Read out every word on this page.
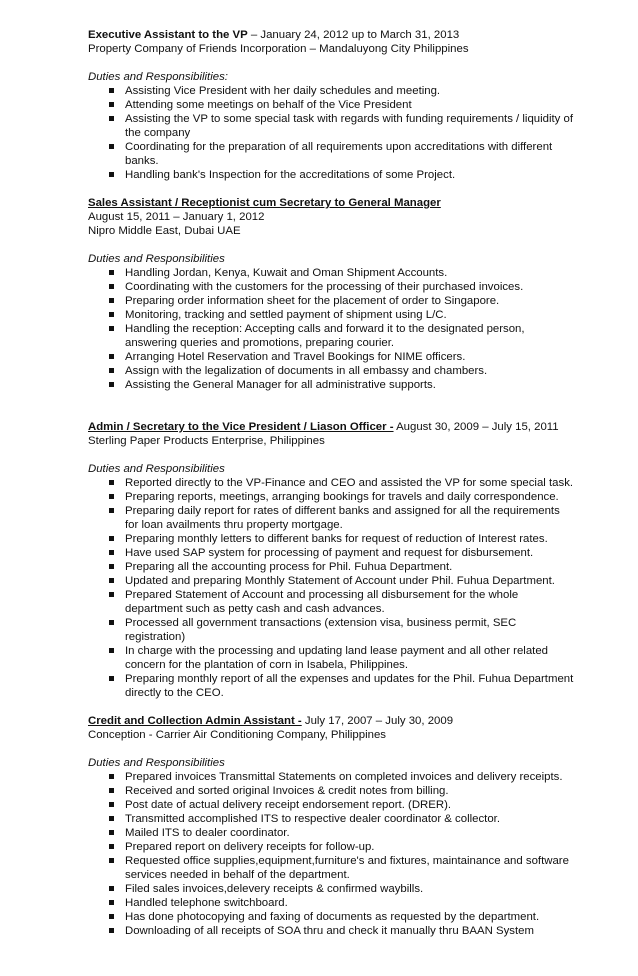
Executive Assistant to the VP – January 24, 2012 up to March 31, 2013
Property Company of Friends Incorporation – Mandaluyong City Philippines
Duties and Responsibilities:
Assisting Vice President with her daily schedules and meeting.
Attending some meetings on behalf of the Vice President
Assisting the VP to some special task with regards with funding requirements / liquidity of the company
Coordinating for the preparation of all requirements upon accreditations with different banks.
Handling bank's Inspection for the accreditations of some Project.
Sales Assistant / Receptionist cum Secretary to General Manager
August 15, 2011 – January 1, 2012
Nipro Middle East, Dubai UAE
Duties and Responsibilities
Handling Jordan, Kenya, Kuwait and Oman Shipment Accounts.
Coordinating with the customers for the processing of their purchased invoices.
Preparing order information sheet for the placement of order to Singapore.
Monitoring, tracking and settled payment of shipment using L/C.
Handling the reception: Accepting calls and forward it to the designated person, answering queries and promotions, preparing courier.
Arranging Hotel Reservation and Travel Bookings for NIME officers.
Assign with the legalization of documents in all embassy and chambers.
Assisting the General Manager for all administrative supports.
Admin / Secretary to the Vice President / Liason Officer - August 30, 2009 – July 15, 2011
Sterling Paper Products Enterprise, Philippines
Duties and Responsibilities
Reported directly to the VP-Finance and CEO and assisted the VP for some special task.
Preparing reports, meetings, arranging bookings for travels and daily correspondence.
Preparing daily report for rates of different banks and assigned for all the requirements for loan availments thru property mortgage.
Preparing monthly letters to different banks for request of reduction of Interest rates.
Have used SAP system for processing of payment and request for disbursement.
Preparing all the accounting process for Phil. Fuhua Department.
Updated and preparing Monthly Statement of Account under Phil. Fuhua Department.
Prepared Statement of Account and processing all disbursement for the whole department such as petty cash and cash advances.
Processed all government transactions (extension visa, business permit, SEC registration)
In charge with the processing and updating land lease payment and all other related concern for the plantation of corn in Isabela, Philippines.
Preparing monthly report of all the expenses and updates for the Phil. Fuhua Department directly to the CEO.
Credit and Collection Admin Assistant - July 17, 2007 – July 30, 2009
Conception - Carrier Air Conditioning Company, Philippines
Duties and Responsibilities
Prepared invoices Transmittal Statements on completed invoices and delivery receipts.
Received and sorted original Invoices & credit notes from billing.
Post date of actual delivery receipt endorsement report. (DRER).
Transmitted accomplished ITS to respective dealer coordinator & collector.
Mailed ITS to dealer coordinator.
Prepared report on delivery receipts for follow-up.
Requested office supplies,equipment,furniture's and fixtures, maintainance and software services needed in behalf of the department.
Filed sales invoices,delevery receipts & confirmed waybills.
Handled telephone switchboard.
Has done photocopying and faxing of documents as requested by the department.
Downloading of all receipts of SOA thru and check it manually thru BAAN System
